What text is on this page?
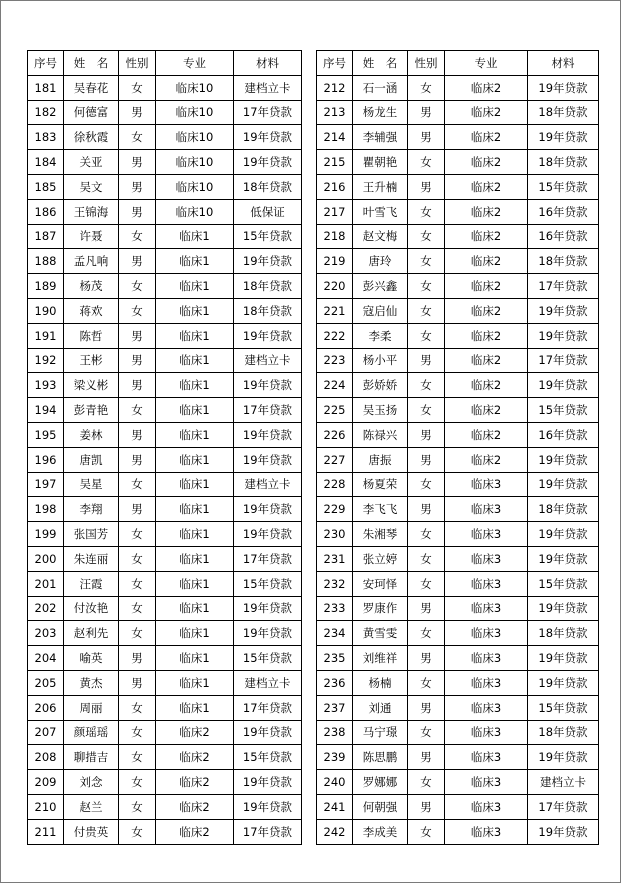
序号	姓　名	性别	专业	材料
181	吴春花	女	临床10	建档立卡
182	何德富	男	临床10	17年贷款
183	徐秋霞	女	临床10	19年贷款
184	关亚	男	临床10	19年贷款
185	吴文	男	临床10	18年贷款
186	王锦海	男	临床10	低保证
187	许聂	女	临床1	15年贷款
188	孟凡响	男	临床1	19年贷款
189	杨茂	女	临床1	18年贷款
190	蒋欢	女	临床1	18年贷款
191	陈哲	男	临床1	19年贷款
192	王彬	男	临床1	建档立卡
193	梁义彬	男	临床1	19年贷款
194	彭青艳	女	临床1	17年贷款
195	姜林	男	临床1	19年贷款
196	唐凯	男	临床1	19年贷款
197	吴星	女	临床1	建档立卡
198	李翔	男	临床1	19年贷款
199	张国芳	女	临床1	19年贷款
200	朱连丽	女	临床1	17年贷款
201	汪霞	女	临床1	15年贷款
202	付汝艳	女	临床1	19年贷款
203	赵利先	女	临床1	19年贷款
204	喻英	男	临床1	15年贷款
205	黄杰	男	临床1	建档立卡
206	周丽	女	临床1	17年贷款
207	颜瑶瑶	女	临床2	19年贷款
208	聊措吉	女	临床2	15年贷款
209	刘念	女	临床2	19年贷款
210	赵兰	女	临床2	19年贷款
211	付贵英	女	临床2	17年贷款
序号	姓　名	性别	专业	材料
212	石一涵	女	临床2	19年贷款
213	杨龙生	男	临床2	18年贷款
214	李辅强	男	临床2	19年贷款
215	瞿朝艳	女	临床2	18年贷款
216	王升楠	男	临床2	15年贷款
217	叶雪飞	女	临床2	16年贷款
218	赵文梅	女	临床2	16年贷款
219	唐玲	女	临床2	18年贷款
220	彭兴鑫	女	临床2	17年贷款
221	寇启仙	女	临床2	19年贷款
222	李柔	女	临床2	19年贷款
223	杨小平	男	临床2	17年贷款
224	彭娇娇	女	临床2	19年贷款
225	吴玉扬	女	临床2	15年贷款
226	陈禄兴	男	临床2	16年贷款
227	唐振	男	临床2	19年贷款
228	杨夏荣	女	临床3	19年贷款
229	李飞飞	男	临床3	18年贷款
230	朱湘琴	女	临床3	19年贷款
231	张立婷	女	临床3	19年贷款
232	安珂怿	女	临床3	15年贷款
233	罗康作	男	临床3	19年贷款
234	黄雪雯	女	临床3	18年贷款
235	刘维祥	男	临床3	19年贷款
236	杨楠	女	临床3	19年贷款
237	刘通	男	临床3	15年贷款
238	马宁璟	女	临床3	18年贷款
239	陈思鹏	男	临床3	19年贷款
240	罗娜娜	女	临床3	建档立卡
241	何朝强	男	临床3	17年贷款
242	李成美	女	临床3	19年贷款
